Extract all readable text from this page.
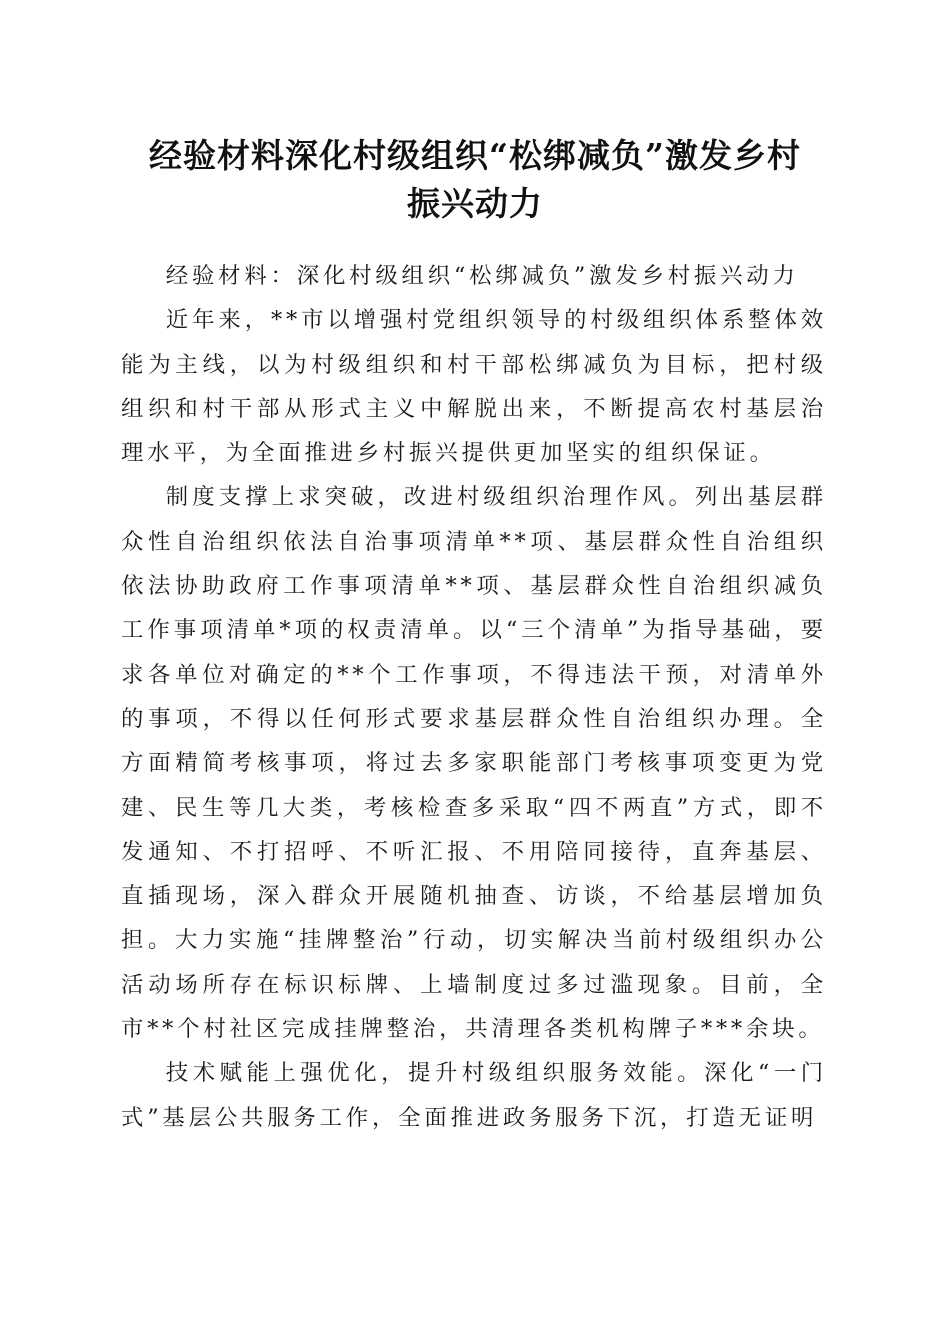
经验材料深化村级组织“松绑减负”激发乡村
振兴动力

经验材料：深化村级组织“松绑减负”激发乡村振兴动力

近年来，**市以增强村党组织领导的村级组织体系整体效能为主线，以为村级组织和村干部松绑减负为目标，把村级组织和村干部从形式主义中解脱出来，不断提高农村基层治理水平，为全面推进乡村振兴提供更加坚实的组织保证。

制度支撑上求突破，改进村级组织治理作风。列出基层群众性自治组织依法自治事项清单**项、基层群众性自治组织依法协助政府工作事项清单**项、基层群众性自治组织减负工作事项清单*项的权责清单。以“三个清单”为指导基础，要求各单位对确定的**个工作事项，不得违法干预，对清单外的事项，不得以任何形式要求基层群众性自治组织办理。全方面精简考核事项，将过去多家职能部门考核事项变更为党建、民生等几大类，考核检查多采取“四不两直”方式，即不发通知、不打招呼、不听汇报、不用陪同接待，直奔基层、直插现场，深入群众开展随机抽查、访谈，不给基层增加负担。大力实施“挂牌整治”行动，切实解决当前村级组织办公活动场所存在标识标牌、上墙制度过多过滥现象。目前，全市**个村社区完成挂牌整治，共清理各类机构牌子***余块。

技术赋能上强优化，提升村级组织服务效能。深化“一门式”基层公共服务工作，全面推进政务服务下沉，打造无证明
